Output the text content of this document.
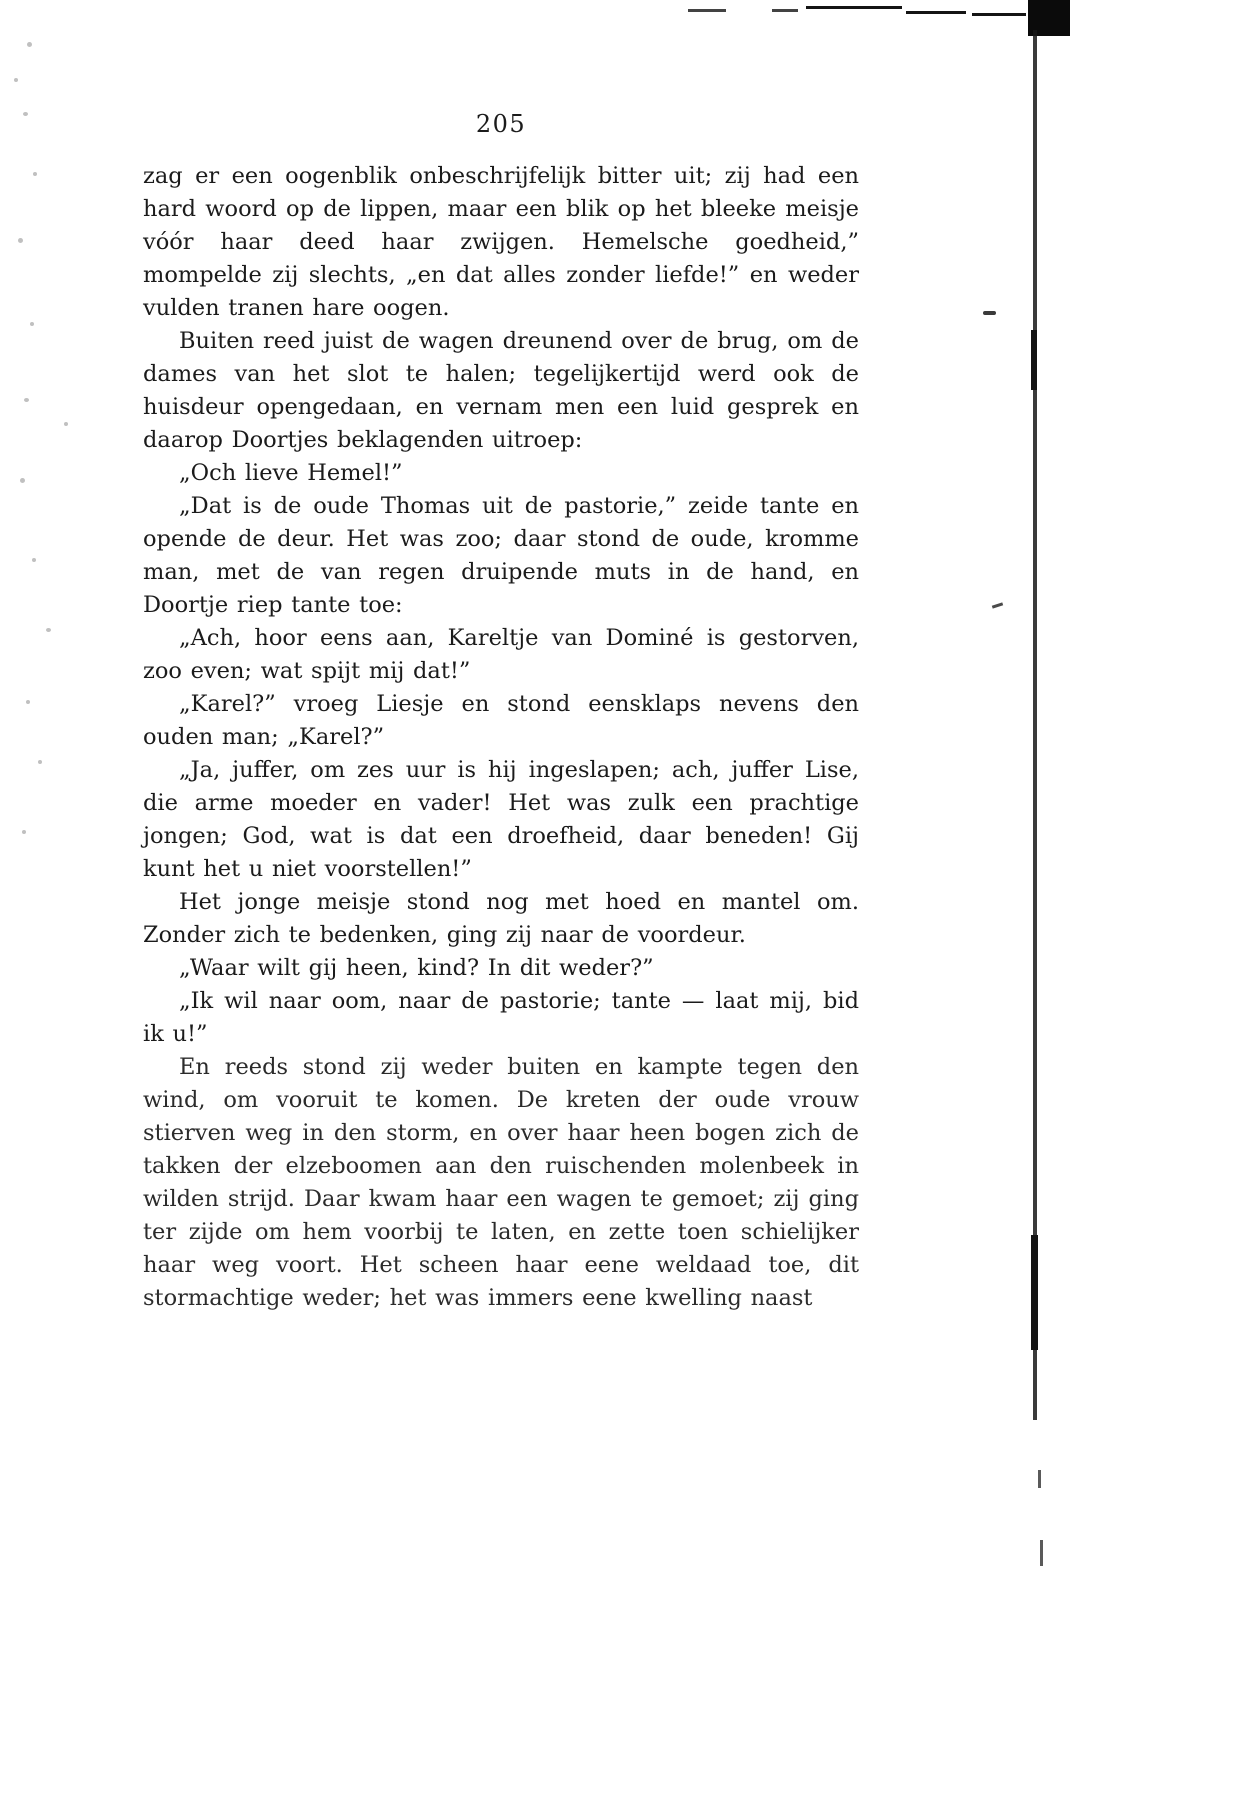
205

zag er een oogenblik onbeschrijfelijk bitter uit; zij had een hard woord op de lippen, maar een blik op het bleeke meisje vóór haar deed haar zwijgen. Hemelsche goedheid,” mompelde zij slechts, „en dat alles zonder liefde!” en weder vulden tranen hare oogen.

Buiten reed juist de wagen dreunend over de brug, om de dames van het slot te halen; tegelijkertijd werd ook de huisdeur opengedaan, en vernam men een luid gesprek en daarop Doortjes beklagenden uitroep:

„Och lieve Hemel!”

„Dat is de oude Thomas uit de pastorie,” zeide tante en opende de deur. Het was zoo; daar stond de oude, kromme man, met de van regen druipende muts in de hand, en Doortje riep tante toe:

„Ach, hoor eens aan, Kareltje van Dominé is gestorven, zoo even; wat spijt mij dat!”

„Karel?” vroeg Liesje en stond eensklaps nevens den ouden man; „Karel?”

„Ja, juffer, om zes uur is hij ingeslapen; ach, juffer Lise, die arme moeder en vader! Het was zulk een prachtige jongen; God, wat is dat een droefheid, daar beneden! Gij kunt het u niet voorstellen!”

Het jonge meisje stond nog met hoed en mantel om. Zonder zich te bedenken, ging zij naar de voordeur.

„Waar wilt gij heen, kind? In dit weder?”

„Ik wil naar oom, naar de pastorie; tante — laat mij, bid ik u!”

En reeds stond zij weder buiten en kampte tegen den wind, om vooruit te komen. De kreten der oude vrouw stierven weg in den storm, en over haar heen bogen zich de takken der elzeboomen aan den ruischenden molenbeek in wilden strijd. Daar kwam haar een wagen te gemoet; zij ging ter zijde om hem voorbij te laten, en zette toen schielijker haar weg voort. Het scheen haar eene weldaad toe, dit stormachtige weder; het was immers eene kwelling naast
